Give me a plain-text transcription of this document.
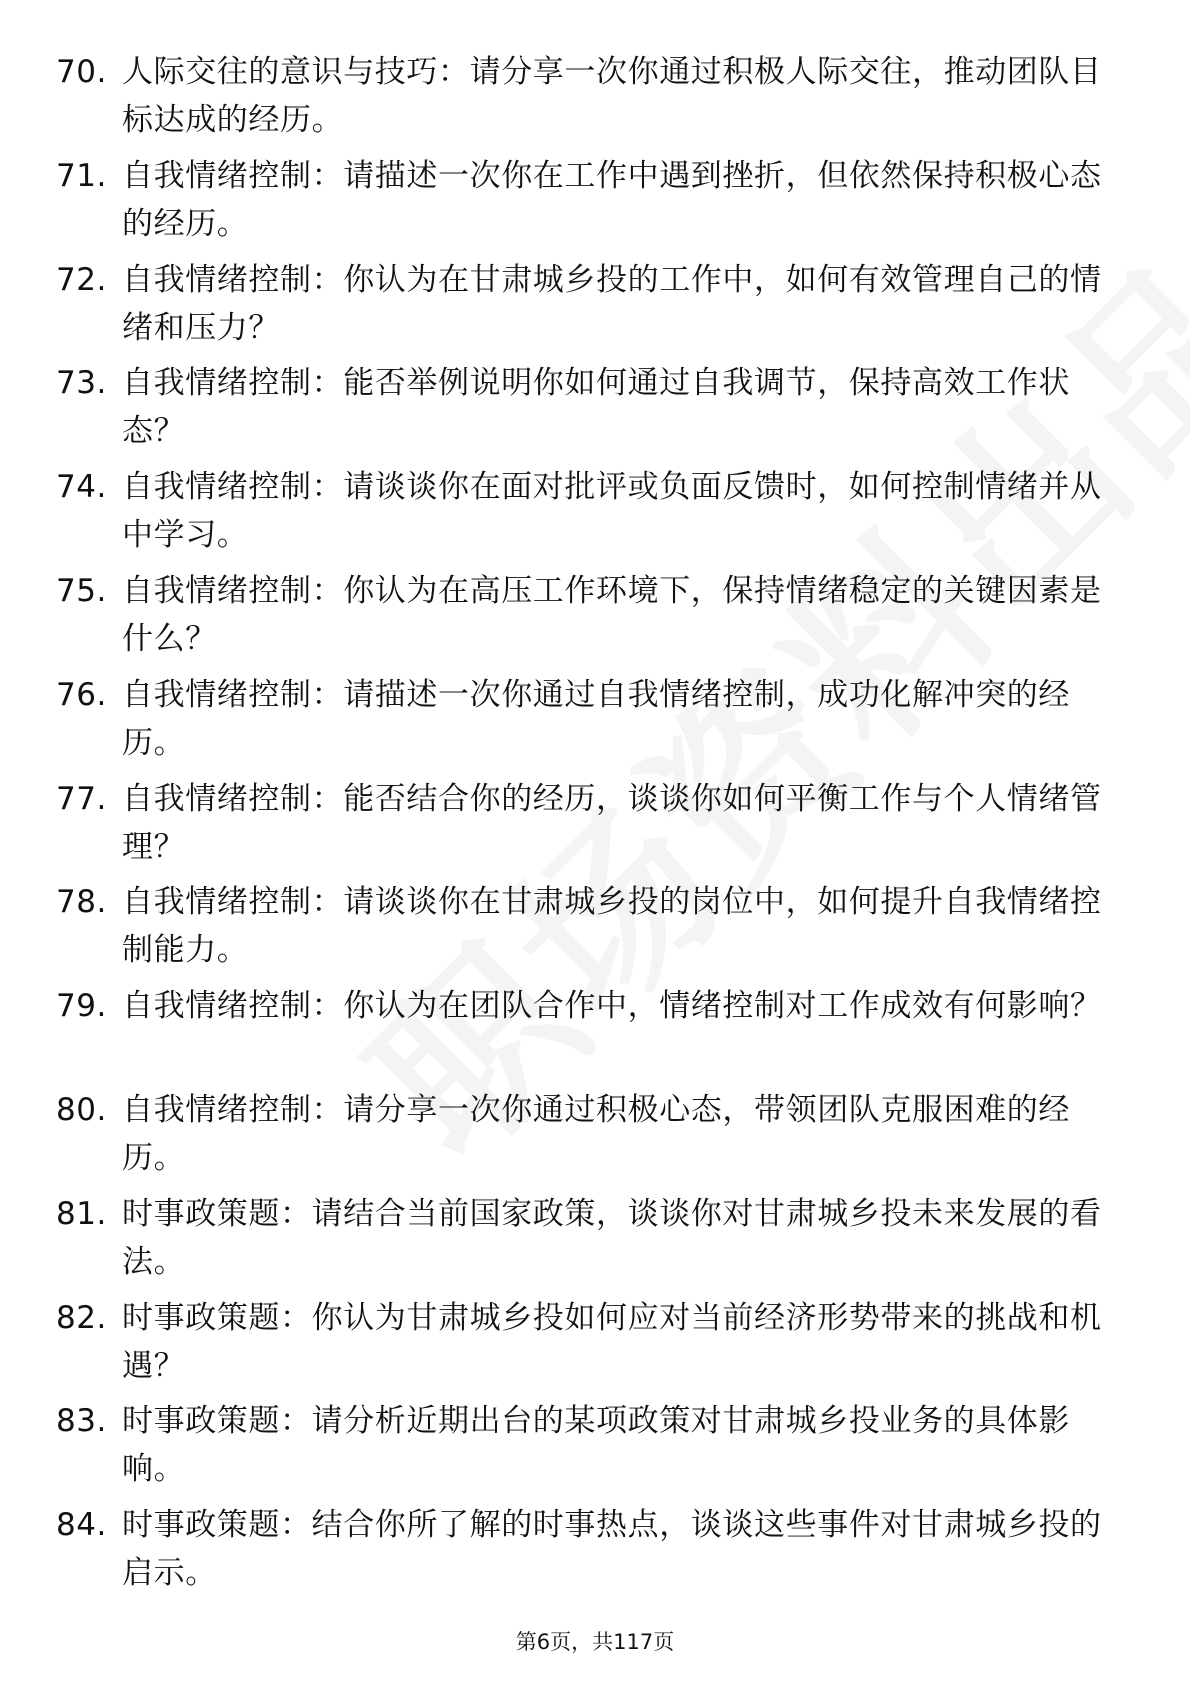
70. 人际交往的意识与技巧：请分享一次你通过积极人际交往，推动团队目标达成的经历。
71. 自我情绪控制：请描述一次你在工作中遇到挫折，但依然保持积极心态的经历。
72. 自我情绪控制：你认为在甘肃城乡投的工作中，如何有效管理自己的情绪和压力？
73. 自我情绪控制：能否举例说明你如何通过自我调节，保持高效工作状态？
74. 自我情绪控制：请谈谈你在面对批评或负面反馈时，如何控制情绪并从中学习。
75. 自我情绪控制：你认为在高压工作环境下，保持情绪稳定的关键因素是什么？
76. 自我情绪控制：请描述一次你通过自我情绪控制，成功化解冲突的经历。
77. 自我情绪控制：能否结合你的经历，谈谈你如何平衡工作与个人情绪管理？
78. 自我情绪控制：请谈谈你在甘肃城乡投的岗位中，如何提升自我情绪控制能力。
79. 自我情绪控制：你认为在团队合作中，情绪控制对工作成效有何影响？
80. 自我情绪控制：请分享一次你通过积极心态，带领团队克服困难的经历。
81. 时事政策题：请结合当前国家政策，谈谈你对甘肃城乡投未来发展的看法。
82. 时事政策题：你认为甘肃城乡投如何应对当前经济形势带来的挑战和机遇？
83. 时事政策题：请分析近期出台的某项政策对甘肃城乡投业务的具体影响。
84. 时事政策题：结合你所了解的时事热点，谈谈这些事件对甘肃城乡投的启示。
第6页，共117页
